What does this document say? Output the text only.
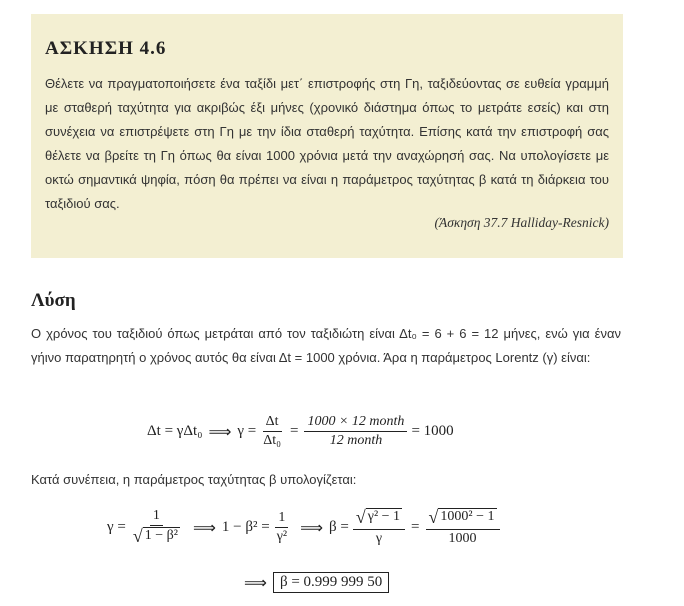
ΑΣΚΗΣΗ 4.6
Θέλετε να πραγματοποιήσετε ένα ταξίδι μετ΄ επιστροφής στη Γη, ταξιδεύοντας σε ευθεία γραμμή με σταθερή ταχύτητα για ακριβώς έξι μήνες (χρονικό διάστημα όπως το μετράτε εσείς) και στη συνέχεια να επιστρέψετε στη Γη με την ίδια σταθερή ταχύτητα. Επίσης κατά την επιστροφή σας θέλετε να βρείτε τη Γη όπως θα είναι 1000 χρόνια μετά την αναχώρησή σας. Να υπολογίσετε με οκτώ σημαντικά ψηφία, πόση θα πρέπει να είναι η παράμετρος ταχύτητας β κατά τη διάρκεια του ταξιδιού σας.
(Άσκηση 37.7 Halliday-Resnick)
Λύση
Ο χρόνος του ταξιδιού όπως μετράται από τον ταξιδιώτη είναι Δt₀ = 6 + 6 = 12 μήνες, ενώ για έναν γήινο παρατηρητή ο χρόνος αυτός θα είναι Δt = 1000 χρόνια. Άρα η παράμετρος Lorentz (γ) είναι:
Δt = γΔt₀ ⟹ $\gamma = \frac{\Delta t}{\text{Δt₀}} = \frac{\text{1000 × 12 month}}{\text{12 month}} = 1000$
Κατά συνέπεια, η παράμετρος ταχύτητας β υπολογίζεται:
$\gamma = \frac{1}{\text{√ 1 − β²}}$ ⟹ $1 - \beta^2 = \frac{1}{\text{γ²}}$ ⟹ $\beta = \frac{\text{√ γ² − 1}}{\gamma} = \frac{\text{√ 1000² − 1}}{1000}$
⟹ β = 0.999 999 50
